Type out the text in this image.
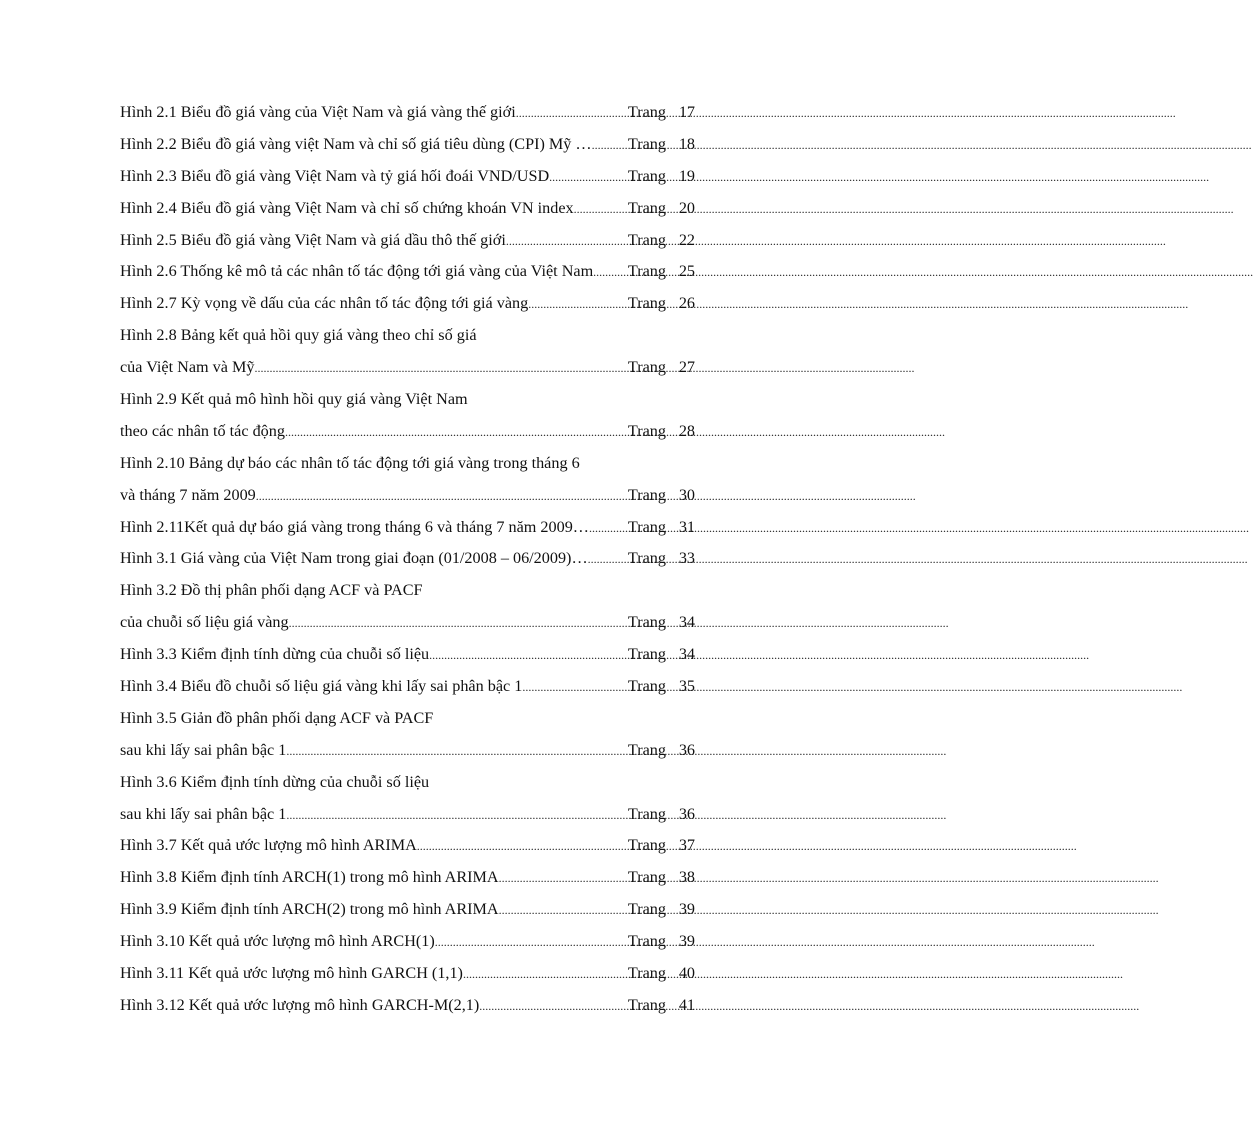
Hình 2.1 Biểu đồ giá vàng của Việt Nam và giá vàng thế giới .....	Trang 17
Hình 2.2 Biểu đồ giá vàng việt Nam và chỉ số giá tiêu dùng (CPI) Mỹ … ..... Trang 18
Hình 2.3 Biểu đồ giá vàng Việt Nam và tỷ giá hối đoái VND/USD .....	Trang 19
Hình 2.4 Biểu đồ giá vàng Việt Nam và chỉ số chứng khoán VN index .....	Trang 20
Hình 2.5 Biểu đồ giá vàng Việt Nam và giá dầu thô thế giới .....	Trang 22
Hình 2.6 Thống kê mô tả các nhân tố tác động tới giá vàng của Việt Nam ..... Trang 25
Hình 2.7 Kỳ vọng về dấu của các nhân tố tác động tới giá vàng .....	Trang 26
Hình 2.8 Bảng kết quả hồi quy giá vàng theo chỉ số giá
của Việt Nam và Mỹ .....	Trang 27
Hình 2.9 Kết quả mô hình hồi quy giá vàng Việt Nam
theo các nhân tố tác động .....	Trang 28
Hình 2.10 Bảng dự báo các nhân tố tác động tới giá vàng trong tháng 6
và tháng 7 năm 2009 .....	Trang 30
Hình 2.11Kết quả dự báo giá vàng trong tháng 6 và tháng 7 năm 2009… ..... Trang 31
Hình 3.1 Giá vàng của Việt Nam trong giai đoạn (01/2008 – 06/2009)… ..... Trang 33
Hình 3.2 Đồ thị phân phối dạng ACF và PACF
của chuỗi số liệu giá vàng .....	Trang 34
Hình 3.3 Kiểm định tính dừng của chuỗi số liệu .....	Trang 34
Hình 3.4 Biểu đồ chuỗi số liệu giá vàng khi lấy sai phân bậc 1 .....	Trang 35
Hình 3.5 Giản đồ phân phối dạng ACF và PACF
sau khi lấy sai phân bậc 1 .....	Trang 36
Hình 3.6 Kiểm định tính dừng của chuỗi số liệu
sau khi lấy sai phân bậc 1 .....	Trang 36
Hình 3.7 Kết quả ước lượng mô hình ARIMA .....	Trang 37
Hình 3.8 Kiểm định tính ARCH(1) trong mô hình ARIMA .....	Trang 38
Hình 3.9 Kiểm định tính ARCH(2) trong mô hình ARIMA .....	Trang 39
Hình 3.10 Kết quả ước lượng mô hình ARCH(1) .....	Trang 39
Hình 3.11 Kết quả ước lượng mô hình GARCH (1,1) .....	Trang 40
Hình 3.12 Kết quả ước lượng mô hình GARCH-M(2,1) .....	Trang 41
